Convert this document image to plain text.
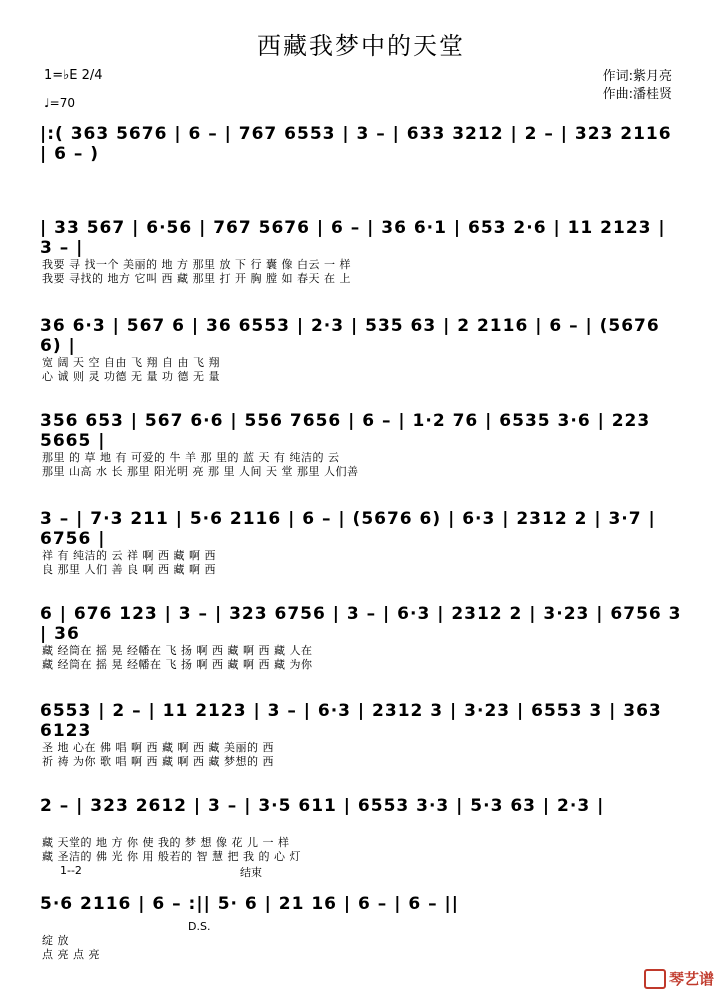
西藏我梦中的天堂
1=♭E 2/4
♩=70
作词:紫月亮
作曲:潘桂贤
|:( 363 5676 | 6 – | 767 6553 | 3 – | 633 3212 | 2 – | 323 2116 | 6 – )
| 33 567 | 6·56 | 767 5676 | 6 – | 36 6·1 | 653 2·6 | 11 2123 | 3 – |
我要 寻 找一个 美丽的 地 方 那里 放 下 行 囊 像 白云 一 样
我要 寻找的 地方 它叫 西 藏 那里 打 开 胸 膛 如 春天 在 上
36 6·3 | 567 6 | 36 6553 | 2·3 | 535 63 | 2 2116 | 6 – | (5676 6) |
宽 阔 天 空 自由 飞 翔 自 由 飞 翔
心 诚 则 灵 功德 无 量 功 德 无 量
356 653 | 567 6·6 | 556 7656 | 6 – | 1·2 76 | 6535 3·6 | 223 5665 |
那里 的 草 地 有 可爱的 牛 羊 那 里的 蓝 天 有 纯洁的 云
那里 山高 水 长 那里 阳光明 亮 那 里 人间 天 堂 那里 人们善
3 – | 7·3 211 | 5·6 2116 | 6 – | (5676 6) | 6·3 | 2312 2 | 3·7 | 6756 |
祥 有 纯洁的 云 祥 啊 西 藏 啊 西
良 那里 人们 善 良 啊 西 藏 啊 西
6 | 676 123 | 3 – | 323 6756 | 3 – | 6·3 | 2312 2 | 3·23 | 6756 3 | 36
藏 经筒在 摇 晃 经幡在 飞 扬 啊 西 藏 啊 西 藏 人在
藏 经筒在 摇 晃 经幡在 飞 扬 啊 西 藏 啊 西 藏 为你
6553 | 2 – | 11 2123 | 3 – | 6·3 | 2312 3 | 3·23 | 6553 3 | 363 6123
圣 地 心在 佛 唱 啊 西 藏 啊 西 藏 美丽的 西
祈 祷 为你 歌 唱 啊 西 藏 啊 西 藏 梦想的 西
2 – | 323 2612 | 3 – | 3·5 611 | 6553 3·3 | 5·3 63 | 2·3 |
藏 天堂的 地 方 你 使 我的 梦 想 像 花 儿 一 样
藏 圣洁的 佛 光 你 用 般若的 智 慧 把 我 的 心 灯
1--2	结束
5·6 2116 | 6 – :|| 5· 6 | 21 16 | 6 – | 6 – ||
D.S.
绽 放
点 亮 点 亮
琴艺谱
